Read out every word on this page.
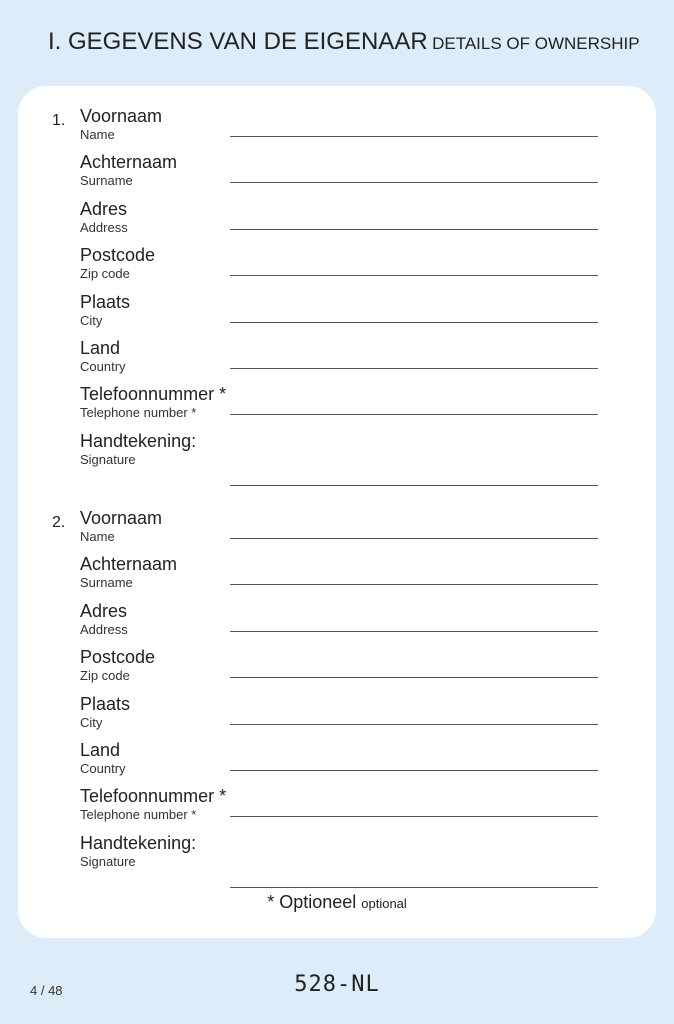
I. GEGEVENS VAN DE EIGENAAR DETAILS OF OWNERSHIP
* Optioneel optional
1. Voornaam
Name
Achternaam
Surname
Adres
Address
Postcode
Zip code
Plaats
City
Land
Country
Telefoonnummer *
Telephone number *
Handtekening:
Signature
2. Voornaam
Name
Achternaam
Surname
Adres
Address
Postcode
Zip code
Plaats
City
Land
Country
Telefoonnummer *
Telephone number *
Handtekening:
Signature
4 / 48	528-NL
